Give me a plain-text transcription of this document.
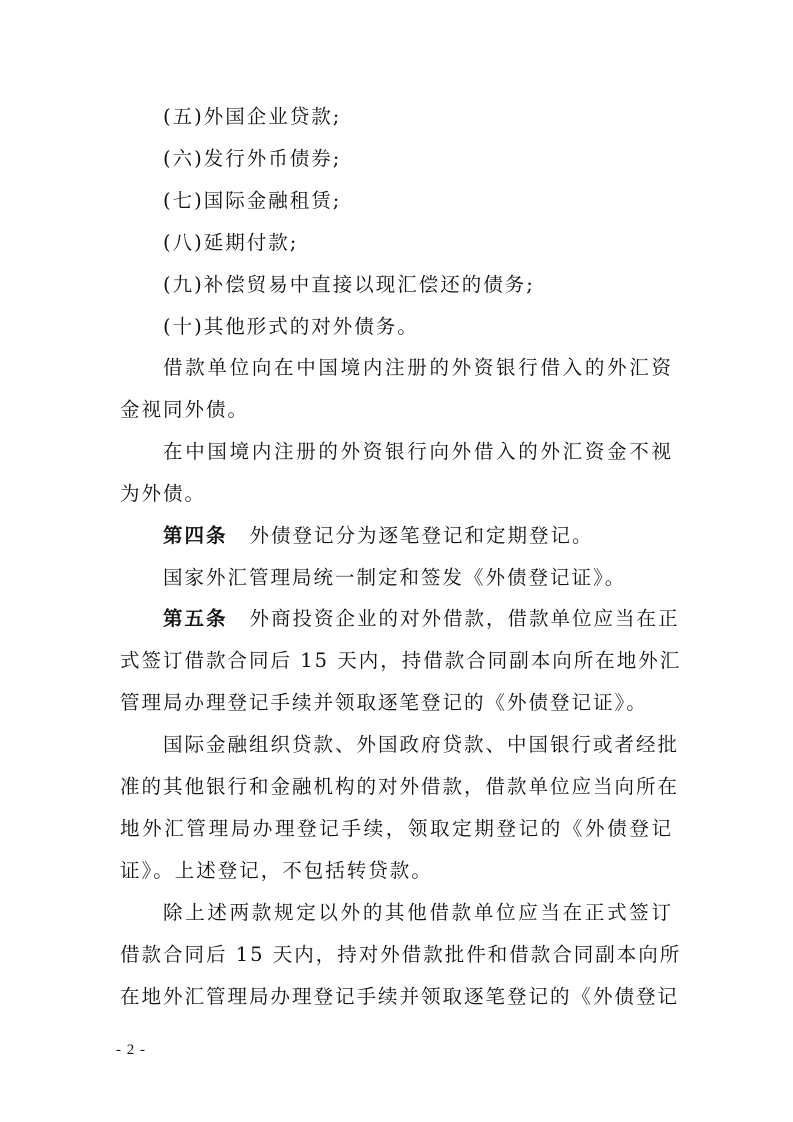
(五)外国企业贷款;
(六)发行外币债券;
(七)国际金融租赁;
(八)延期付款;
(九)补偿贸易中直接以现汇偿还的债务;
(十)其他形式的对外债务。
借款单位向在中国境内注册的外资银行借入的外汇资
金视同外债。
在中国境内注册的外资银行向外借入的外汇资金不视
为外债。
第四条 外债登记分为逐笔登记和定期登记。
国家外汇管理局统一制定和签发《外债登记证》。
第五条 外商投资企业的对外借款，借款单位应当在正
式签订借款合同后 15 天内，持借款合同副本向所在地外汇
管理局办理登记手续并领取逐笔登记的《外债登记证》。
国际金融组织贷款、外国政府贷款、中国银行或者经批
准的其他银行和金融机构的对外借款，借款单位应当向所在
地外汇管理局办理登记手续，领取定期登记的《外债登记
证》。上述登记，不包括转贷款。
除上述两款规定以外的其他借款单位应当在正式签订
借款合同后 15 天内，持对外借款批件和借款合同副本向所
在地外汇管理局办理登记手续并领取逐笔登记的《外债登记
- 2 -
